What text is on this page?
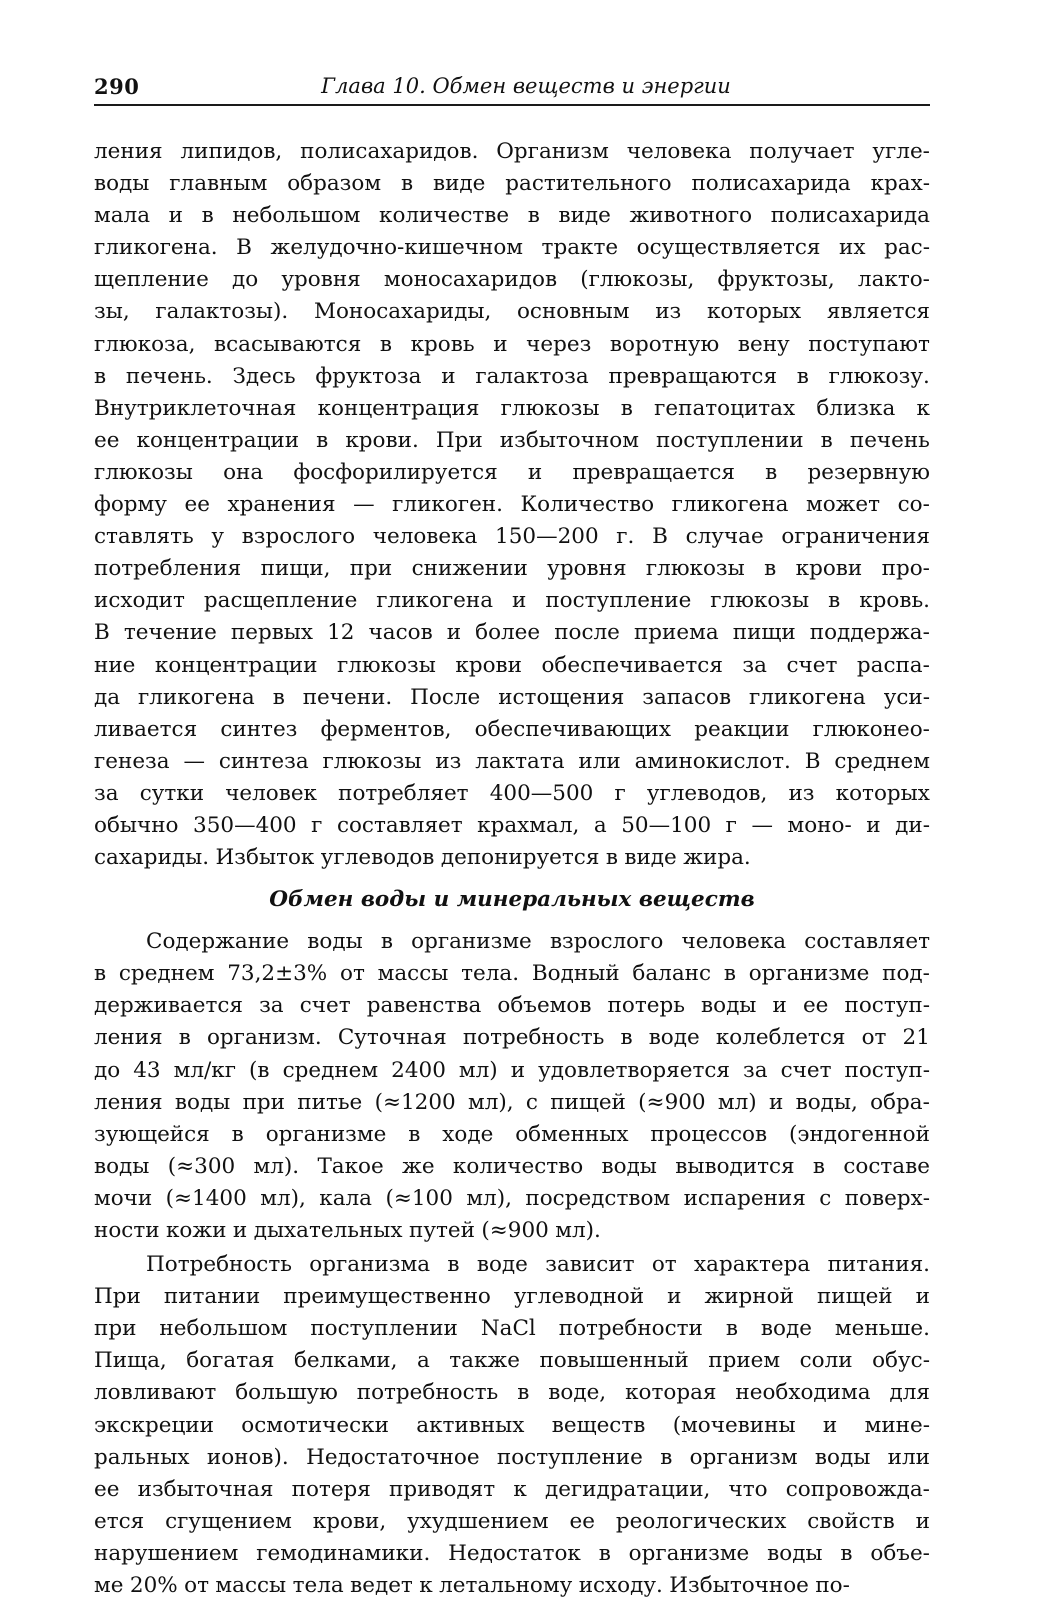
290	Глава 10. Обмен веществ и энергии
ления липидов, полисахаридов. Организм человека получает угле-
воды главным образом в виде растительного полисахарида крах-
мала и в небольшом количестве в виде животного полисахарида
гликогена. В желудочно-кишечном тракте осуществляется их рас-
щепление до уровня моносахаридов (глюкозы, фруктозы, лакто-
зы, галактозы). Моносахариды, основным из которых является
глюкоза, всасываются в кровь и через воротную вену поступают
в печень. Здесь фруктоза и галактоза превращаются в глюкозу.
Внутриклеточная концентрация глюкозы в гепатоцитах близка к
ее концентрации в крови. При избыточном поступлении в печень
глюкозы она фосфорилируется и превращается в резервную
форму ее хранения — гликоген. Количество гликогена может со-
ставлять у взрослого человека 150—200 г. В случае ограничения
потребления пищи, при снижении уровня глюкозы в крови про-
исходит расщепление гликогена и поступление глюкозы в кровь.
В течение первых 12 часов и более после приема пищи поддержа-
ние концентрации глюкозы крови обеспечивается за счет распа-
да гликогена в печени. После истощения запасов гликогена уси-
ливается синтез ферментов, обеспечивающих реакции глюконео-
генеза — синтеза глюкозы из лактата или аминокислот. В среднем
за сутки человек потребляет 400—500 г углеводов, из которых
обычно 350—400 г составляет крахмал, а 50—100 г — моно- и ди-
сахариды. Избыток углеводов депонируется в виде жира.
Обмен воды и минеральных веществ
Содержание воды в организме взрослого человека составляет
в среднем 73,2±3% от массы тела. Водный баланс в организме под-
держивается за счет равенства объемов потерь воды и ее поступ-
ления в организм. Суточная потребность в воде колеблется от 21
до 43 мл/кг (в среднем 2400 мл) и удовлетворяется за счет поступ-
ления воды при питье (≈1200 мл), с пищей (≈900 мл) и воды, обра-
зующейся в организме в ходе обменных процессов (эндогенной
воды (≈300 мл). Такое же количество воды выводится в составе
мочи (≈1400 мл), кала (≈100 мл), посредством испарения с поверх-
ности кожи и дыхательных путей (≈900 мл).
Потребность организма в воде зависит от характера питания.
При питании преимущественно углеводной и жирной пищей и
при небольшом поступлении NaCl потребности в воде меньше.
Пища, богатая белками, а также повышенный прием соли обус-
ловливают большую потребность в воде, которая необходима для
экскреции осмотически активных веществ (мочевины и мине-
ральных ионов). Недостаточное поступление в организм воды или
ее избыточная потеря приводят к дегидратации, что сопровожда-
ется сгущением крови, ухудшением ее реологических свойств и
нарушением гемодинамики. Недостаток в организме воды в объе-
ме 20% от массы тела ведет к летальному исходу. Избыточное по-
